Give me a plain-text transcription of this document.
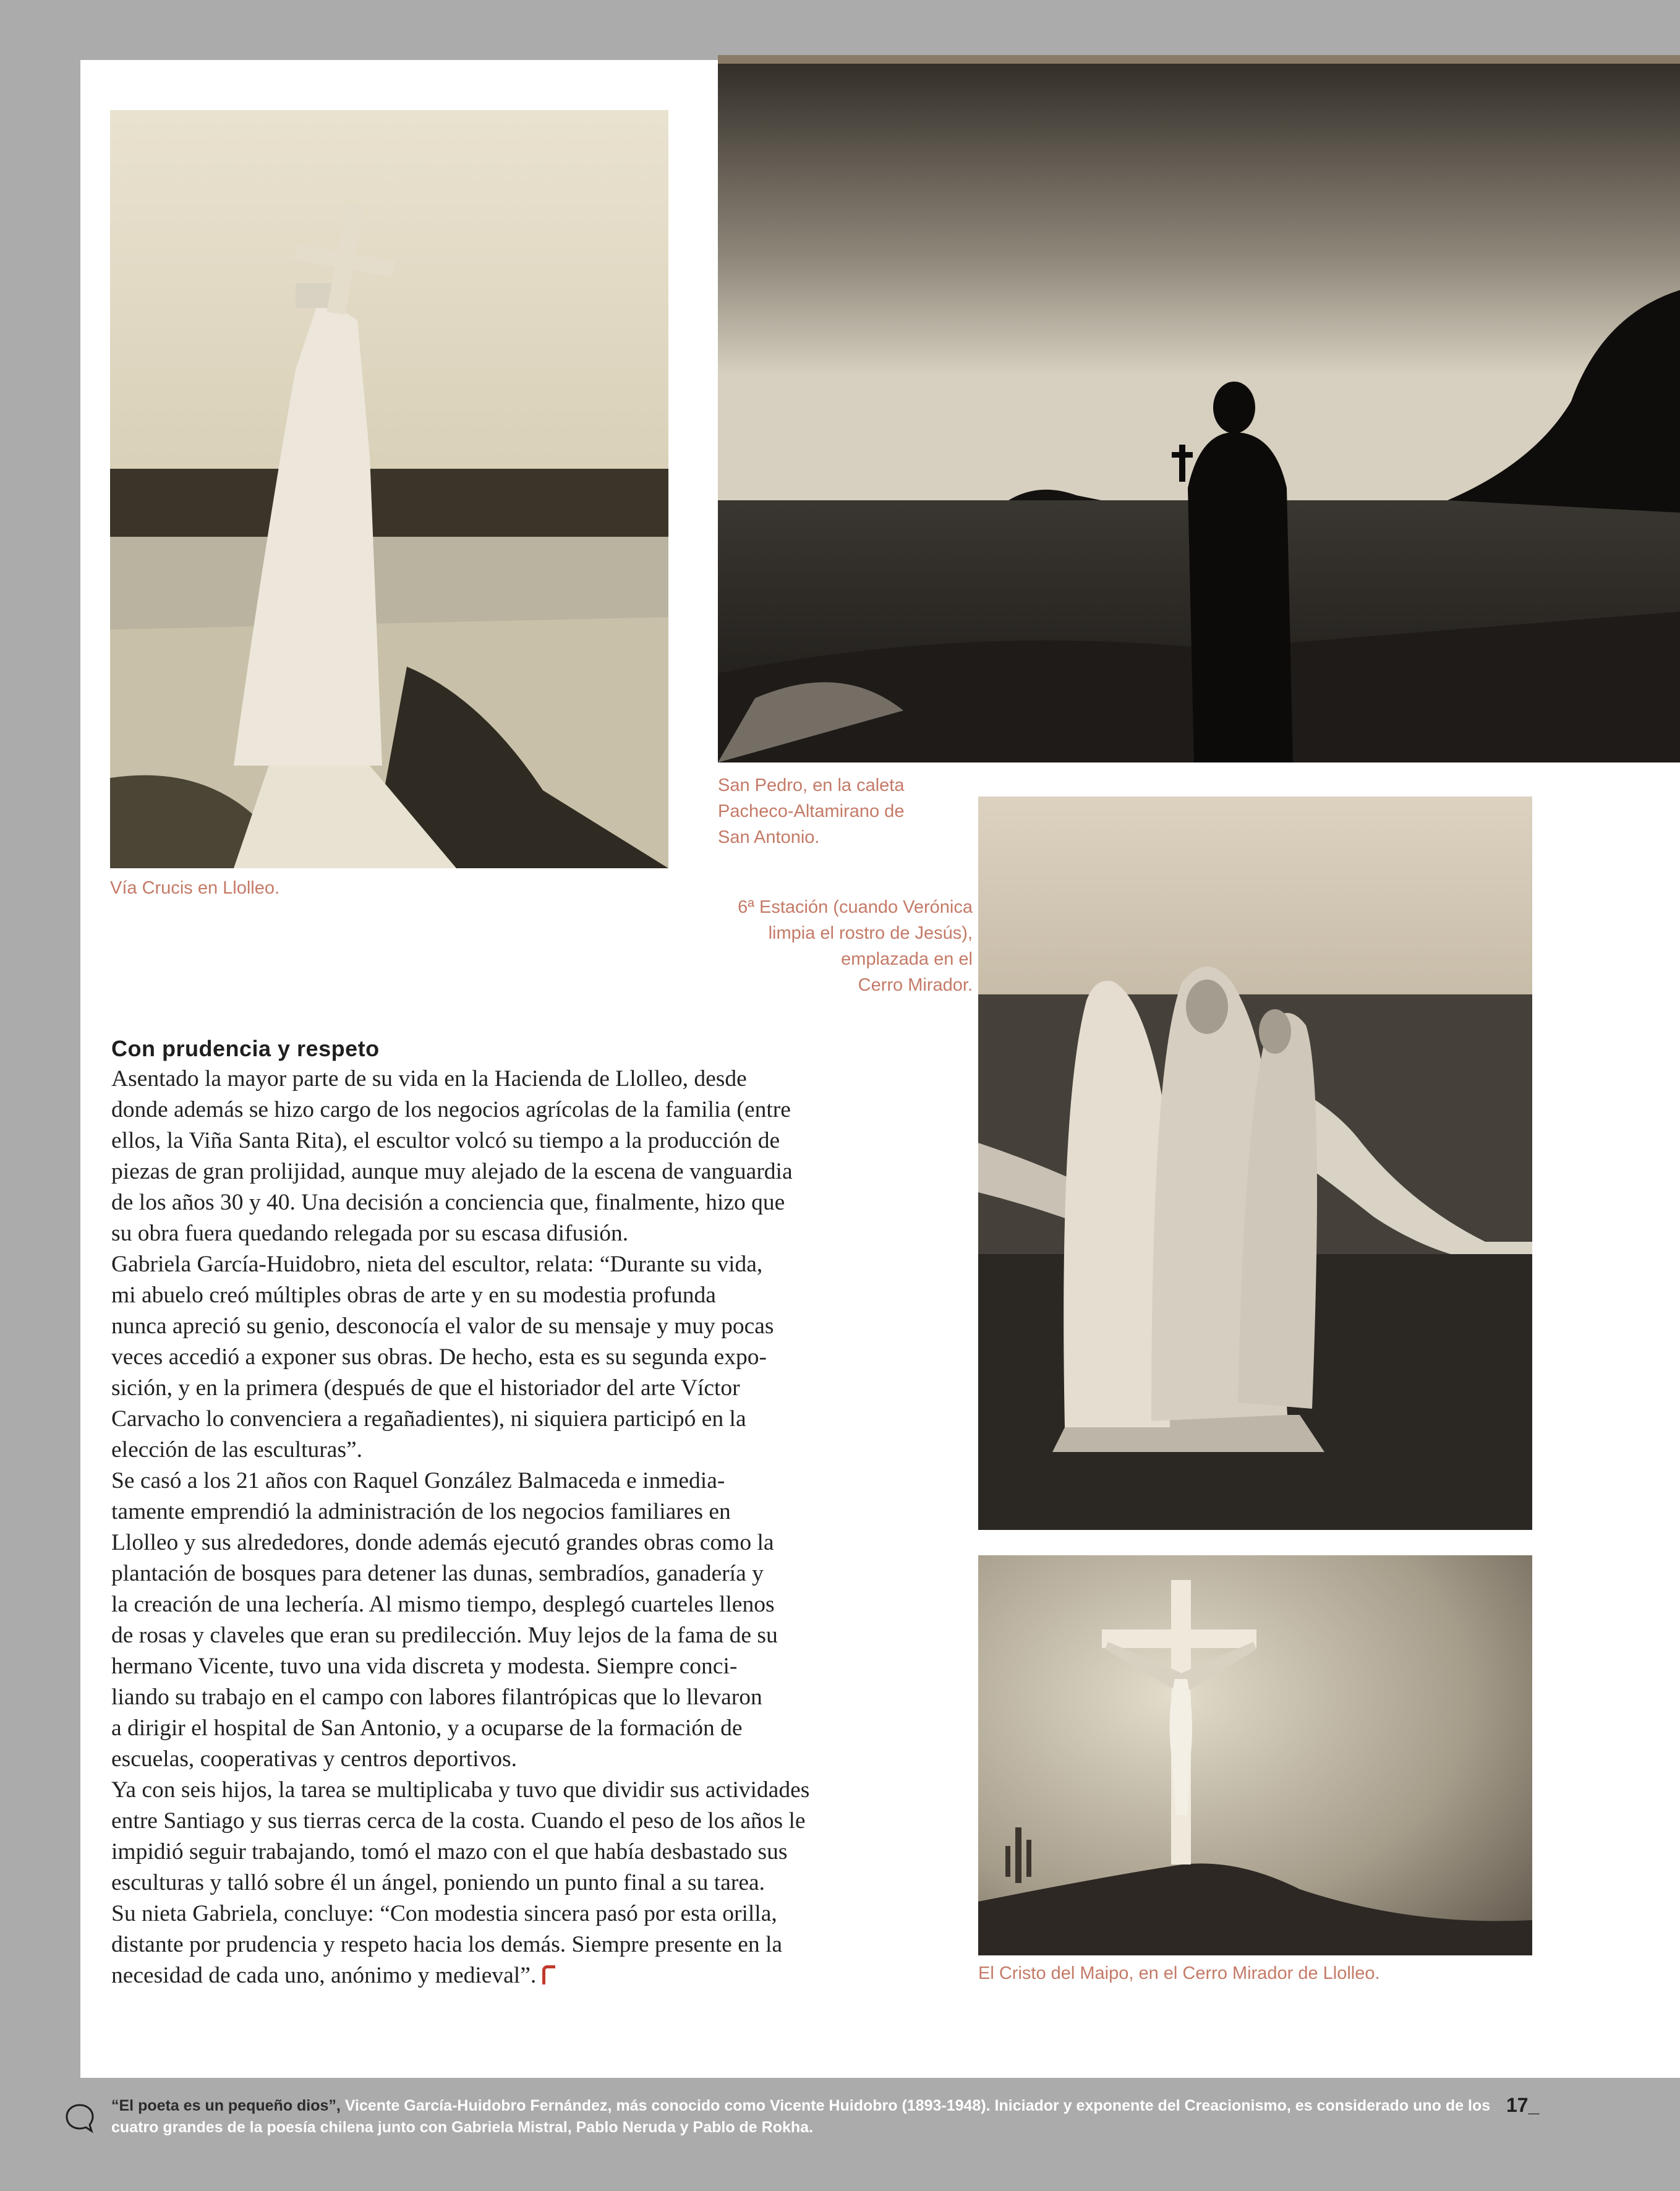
Vía Crucis en Llolleo.

San Pedro, en la caleta
Pacheco-Altamirano de
San Antonio.

6ª Estación (cuando Verónica
limpia el rostro de Jesús),
emplazada en el
Cerro Mirador.

El Cristo del Maipo, en el Cerro Mirador de Llolleo.

Con prudencia y respeto
Asentado la mayor parte de su vida en la Hacienda de Llolleo, desde
donde además se hizo cargo de los negocios agrícolas de la familia (entre
ellos, la Viña Santa Rita), el escultor volcó su tiempo a la producción de
piezas de gran prolijidad, aunque muy alejado de la escena de vanguardia
de los años 30 y 40. Una decisión a conciencia que, finalmente, hizo que
su obra fuera quedando relegada por su escasa difusión.
Gabriela García-Huidobro, nieta del escultor, relata: “Durante su vida,
mi abuelo creó múltiples obras de arte y en su modestia profunda
nunca apreció su genio, desconocía el valor de su mensaje y muy pocas
veces accedió a exponer sus obras. De hecho, esta es su segunda expo-
sición, y en la primera (después de que el historiador del arte Víctor
Carvacho lo convenciera a regañadientes), ni siquiera participó en la
elección de las esculturas”.
Se casó a los 21 años con Raquel González Balmaceda e inmedia-
tamente emprendió la administración de los negocios familiares en
Llolleo y sus alrededores, donde además ejecutó grandes obras como la
plantación de bosques para detener las dunas, sembradíos, ganadería y
la creación de una lechería. Al mismo tiempo, desplegó cuarteles llenos
de rosas y claveles que eran su predilección. Muy lejos de la fama de su
hermano Vicente, tuvo una vida discreta y modesta. Siempre conci-
liando su trabajo en el campo con labores filantrópicas que lo llevaron
a dirigir el hospital de San Antonio, y a ocuparse de la formación de
escuelas, cooperativas y centros deportivos.
Ya con seis hijos, la tarea se multiplicaba y tuvo que dividir sus actividades
entre Santiago y sus tierras cerca de la costa. Cuando el peso de los años le
impidió seguir trabajando, tomó el mazo con el que había desbastado sus
esculturas y talló sobre él un ángel, poniendo un punto final a su tarea.
Su nieta Gabriela, concluye: “Con modestia sincera pasó por esta orilla,
distante por prudencia y respeto hacia los demás. Siempre presente en la
necesidad de cada uno, anónimo y medieval”.
“El poeta es un pequeño dios”, Vicente García-Huidobro Fernández, más conocido como Vicente Huidobro (1893-1948). Iniciador y exponente del Creacionismo, es considerado uno de los
cuatro grandes de la poesía chilena junto con Gabriela Mistral, Pablo Neruda y Pablo de Rokha.
17_
